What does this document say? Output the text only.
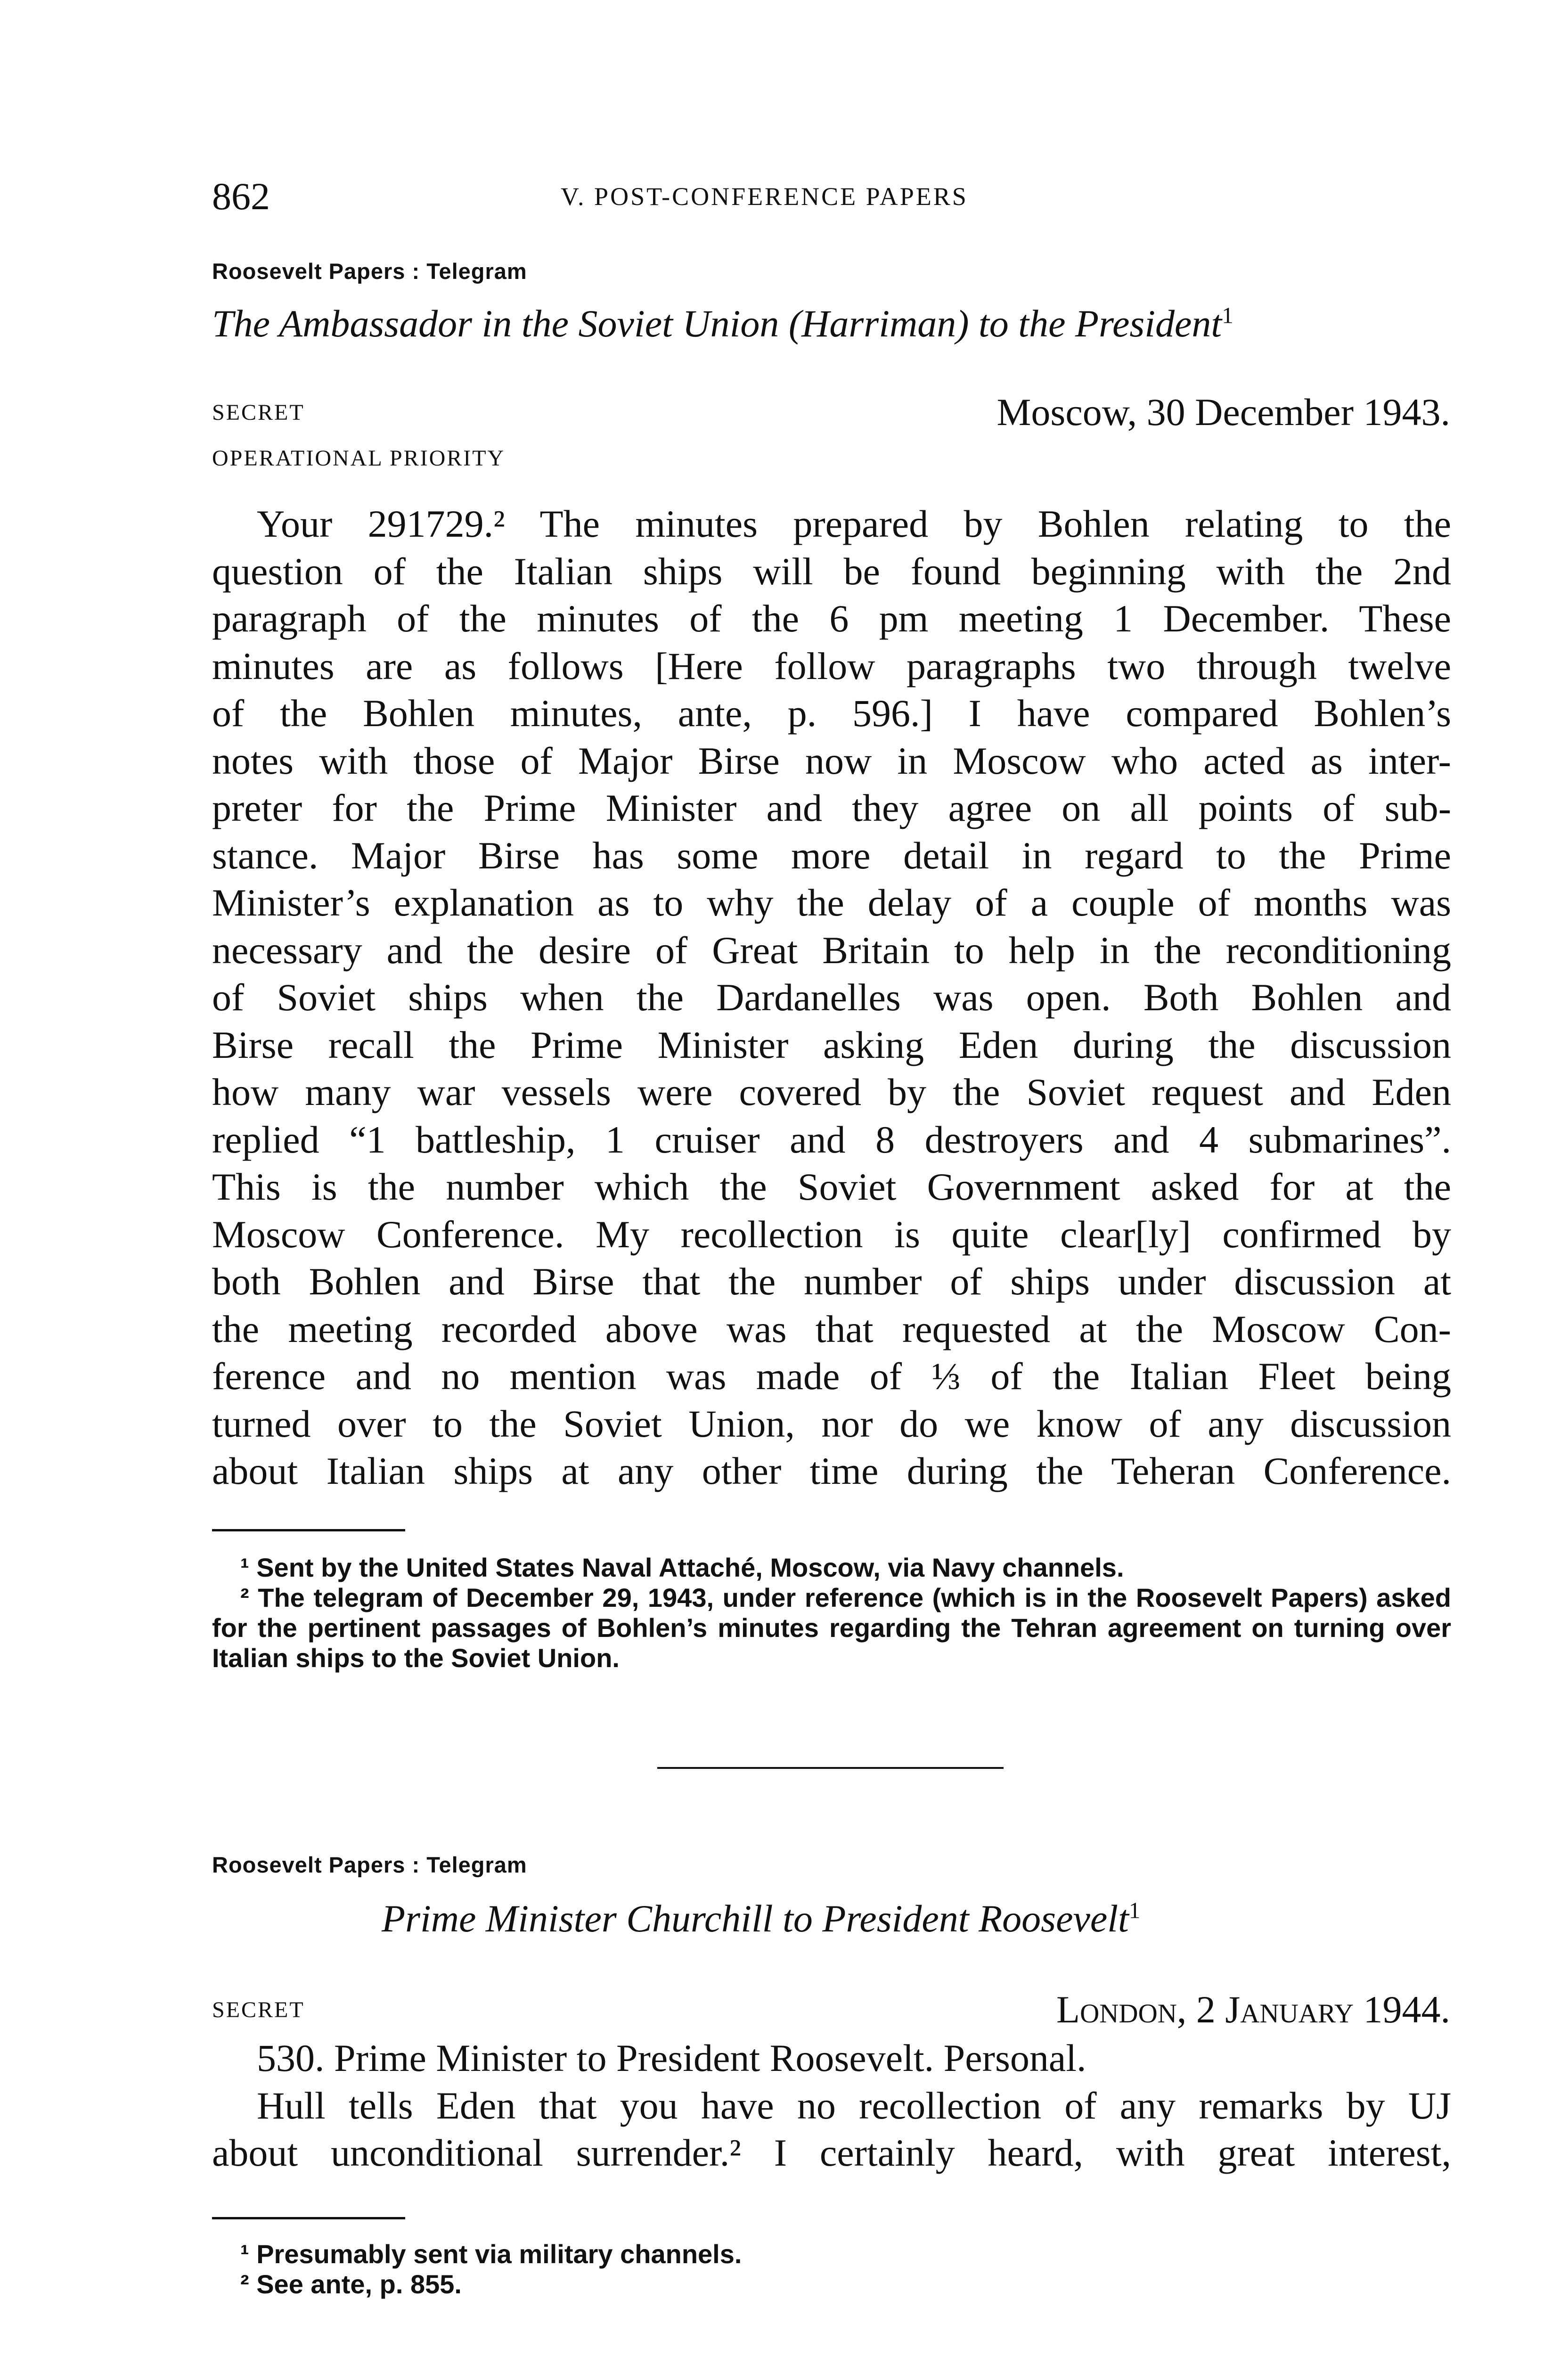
862	V. POST-CONFERENCE PAPERS
Roosevelt Papers : Telegram
The Ambassador in the Soviet Union (Harriman) to the President$^1$
SECRET	Moscow, 30 December 1943.
OPERATIONAL PRIORITY
Your 291729.² The minutes prepared by Bohlen relating to the
question of the Italian ships will be found beginning with the 2nd
paragraph of the minutes of the 6 pm meeting 1 December. These
minutes are as follows [Here follow paragraphs two through twelve
of the Bohlen minutes, ante, p. 596.] I have compared Bohlen’s
notes with those of Major Birse now in Moscow who acted as inter-
preter for the Prime Minister and they agree on all points of sub-
stance. Major Birse has some more detail in regard to the Prime
Minister’s explanation as to why the delay of a couple of months was
necessary and the desire of Great Britain to help in the reconditioning
of Soviet ships when the Dardanelles was open. Both Bohlen and
Birse recall the Prime Minister asking Eden during the discussion
how many war vessels were covered by the Soviet request and Eden
replied “1 battleship, 1 cruiser and 8 destroyers and 4 submarines”.
This is the number which the Soviet Government asked for at the
Moscow Conference. My recollection is quite clear[ly] confirmed by
both Bohlen and Birse that the number of ships under discussion at
the meeting recorded above was that requested at the Moscow Con-
ference and no mention was made of ⅓ of the Italian Fleet being
turned over to the Soviet Union, nor do we know of any discussion
about Italian ships at any other time during the Teheran Conference.

¹ Sent by the United States Naval Attaché, Moscow, via Navy channels.

² The telegram of December 29, 1943, under reference (which is in the Roosevelt Papers) asked for the pertinent passages of Bohlen’s minutes regarding the Tehran agreement on turning over Italian ships to the Soviet Union.

Roosevelt Papers : Telegram
Prime Minister Churchill to President Roosevelt$^1$
SECRET	London, 2 January 1944.
530. Prime Minister to President Roosevelt. Personal.
Hull tells Eden that you have no recollection of any remarks by UJ
about unconditional surrender.² I certainly heard, with great interest,

¹ Presumably sent via military channels.

² See ante, p. 855.
